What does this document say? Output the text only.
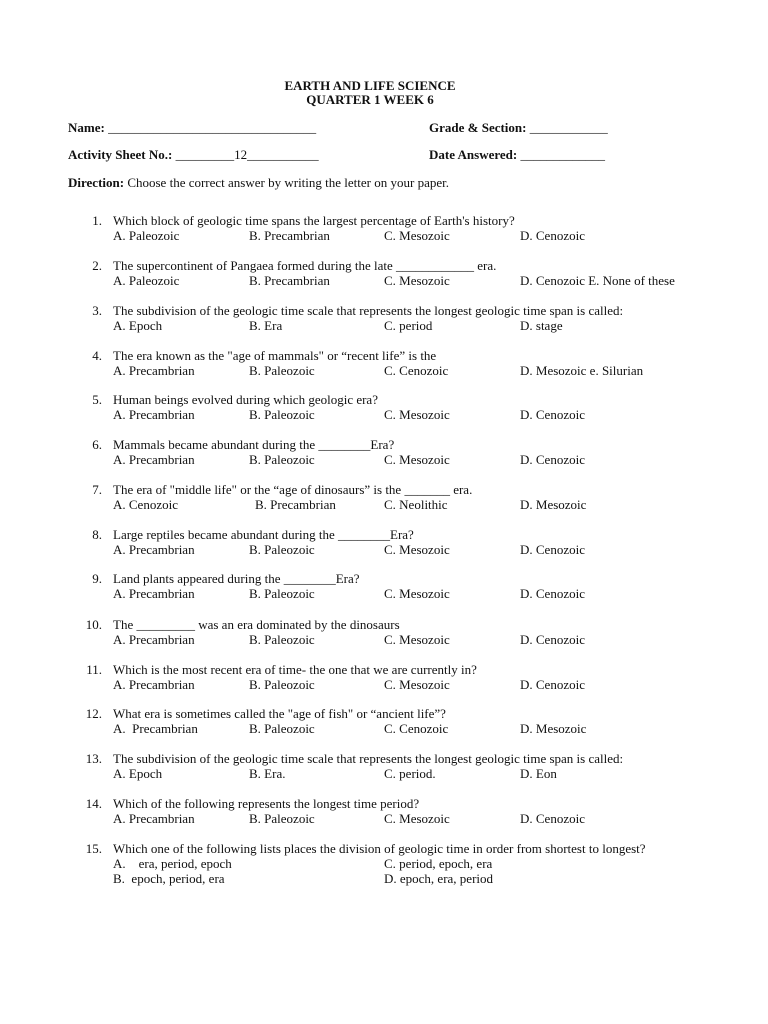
EARTH AND LIFE SCIENCE
QUARTER 1 WEEK 6
Name: ________________________________	Grade & Section: ____________
Activity Sheet No.: _________12___________	Date Answered: _____________
Direction: Choose the correct answer by writing the letter on your paper.
1. Which block of geologic time spans the largest percentage of Earth's history?
A. Paleozoic	B. Precambrian	C. Mesozoic	D. Cenozoic
2. The supercontinent of Pangaea formed during the late ____________ era.
A. Paleozoic	B. Precambrian	C. Mesozoic	D. Cenozoic E. None of these
3. The subdivision of the geologic time scale that represents the longest geologic time span is called:
A. Epoch	B. Era	C. period	D. stage
4. The era known as the "age of mammals" or “recent life” is the
A. Precambrian	B. Paleozoic	C. Cenozoic	D. Mesozoic e. Silurian
5. Human beings evolved during which geologic era?
A. Precambrian	B. Paleozoic	C. Mesozoic	D. Cenozoic
6. Mammals became abundant during the ________Era?
A. Precambrian	B. Paleozoic	C. Mesozoic	D. Cenozoic
7. The era of "middle life" or the “age of dinosaurs” is the _______ era.
A. Cenozoic	B. Precambrian	C. Neolithic	D. Mesozoic
8. Large reptiles became abundant during the ________Era?
A. Precambrian	B. Paleozoic	C. Mesozoic	D. Cenozoic
9. Land plants appeared during the ________Era?
A. Precambrian	B. Paleozoic	C. Mesozoic	D. Cenozoic
10. The _________ was an era dominated by the dinosaurs
A. Precambrian	B. Paleozoic	C. Mesozoic	D. Cenozoic
11. Which is the most recent era of time- the one that we are currently in?
A. Precambrian	B. Paleozoic	C. Mesozoic	D. Cenozoic
12. What era is sometimes called the "age of fish" or “ancient life”?
A.  Precambrian	B. Paleozoic	C. Cenozoic	D. Mesozoic
13. The subdivision of the geologic time scale that represents the longest geologic time span is called:
A. Epoch	B. Era.	C. period.	D. Eon
14. Which of the following represents the longest time period?
A. Precambrian	B. Paleozoic	C. Mesozoic	D. Cenozoic
15. Which one of the following lists places the division of geologic time in order from shortest to longest?
A.    era, period, epoch	C. period, epoch, era
B.  epoch, period, era	D. epoch, era, period
